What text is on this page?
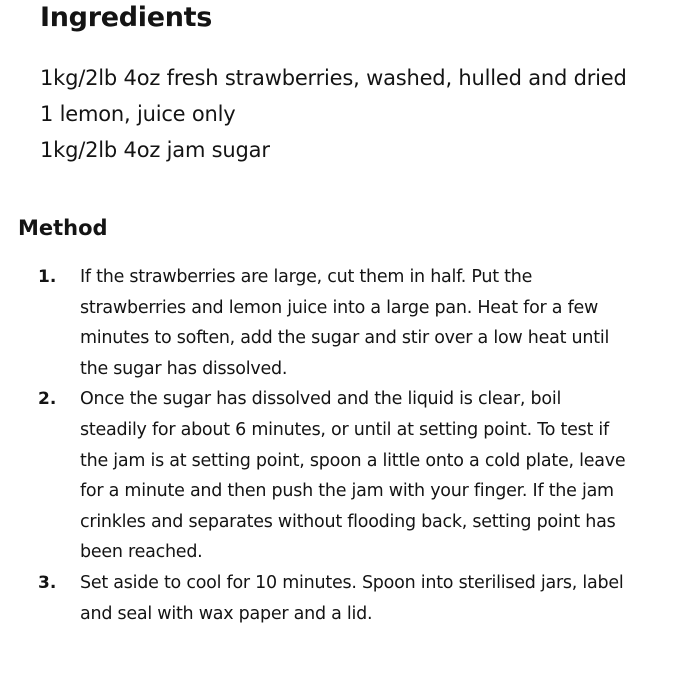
Ingredients
1kg/2lb 4oz fresh strawberries, washed, hulled and dried
1 lemon, juice only
1kg/2lb 4oz jam sugar
Method
1. If the strawberries are large, cut them in half. Put the
strawberries and lemon juice into a large pan. Heat for a few
minutes to soften, add the sugar and stir over a low heat until
the sugar has dissolved.
2. Once the sugar has dissolved and the liquid is clear, boil
steadily for about 6 minutes, or until at setting point. To test if
the jam is at setting point, spoon a little onto a cold plate, leave
for a minute and then push the jam with your finger. If the jam
crinkles and separates without flooding back, setting point has
been reached.
3. Set aside to cool for 10 minutes. Spoon into sterilised jars, label
and seal with wax paper and a lid.
